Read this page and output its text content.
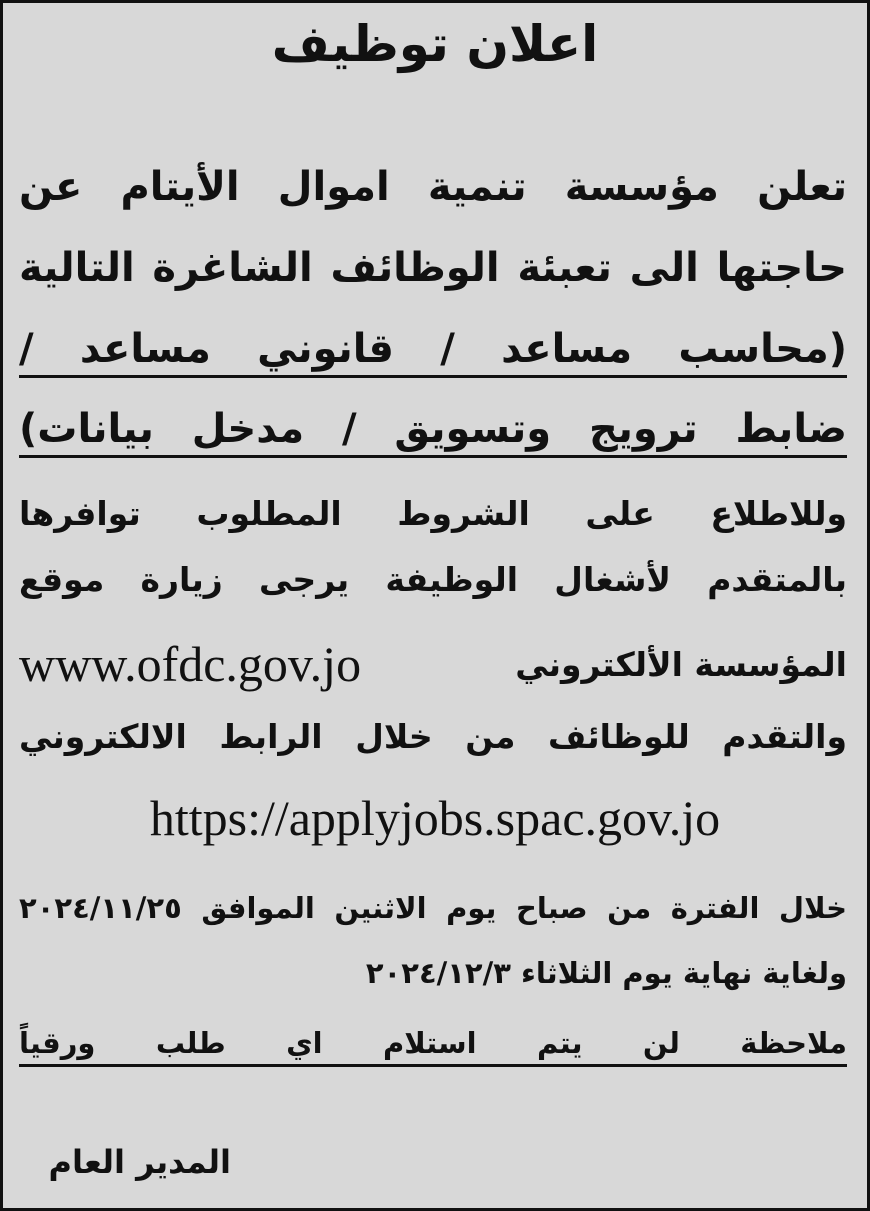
اعلان توظيف
تعلن مؤسسة تنمية اموال الأيتام عن
حاجتها الى تعبئة الوظائف الشاغرة التالية
(محاسب مساعد / قانوني مساعد /
ضابط ترويج وتسويق / مدخل بيانات)
وللاطلاع على الشروط المطلوب توافرها
بالمتقدم لأشغال الوظيفة يرجى زيارة موقع
المؤسسة الألكتروني
www.ofdc.gov.jo
والتقدم للوظائف من خلال الرابط الالكتروني
https://applyjobs.spac.gov.jo
خلال الفترة من صباح يوم الاثنين الموافق ٢٠٢٤/١١/٢٥
ولغاية نهاية يوم الثلاثاء ٢٠٢٤/١٢/٣
ملاحظة لن يتم استلام اي طلب ورقياً
المدير العام
